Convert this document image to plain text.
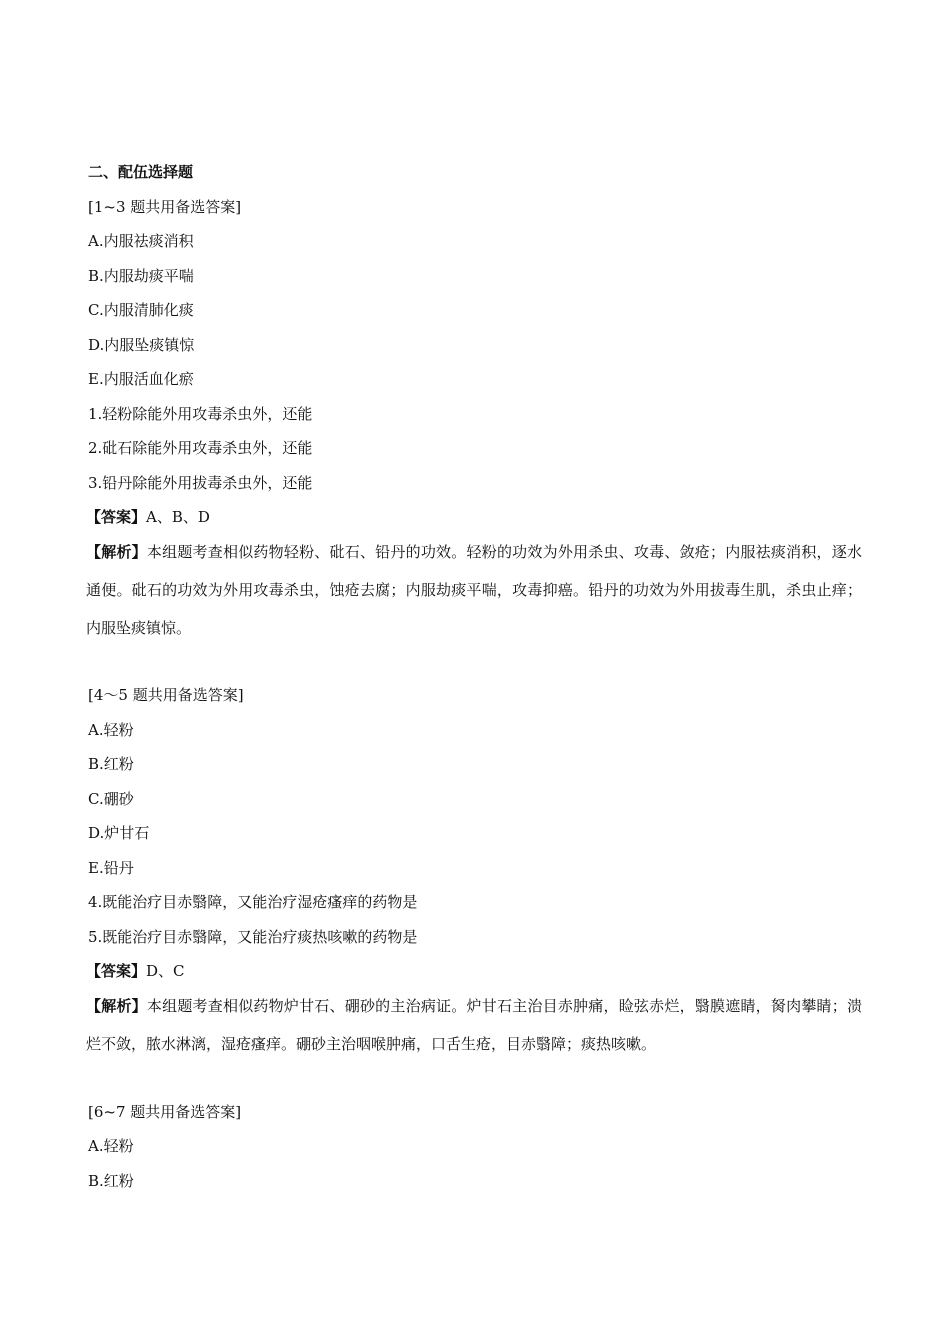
二、配伍选择题
[1~3 题共用备选答案]
A.内服祛痰消积
B.内服劫痰平喘
C.内服清肺化痰
D.内服坠痰镇惊
E.内服活血化瘀
1.轻粉除能外用攻毒杀虫外，还能
2.砒石除能外用攻毒杀虫外，还能
3.铅丹除能外用拔毒杀虫外，还能
【答案】A、B、D
【解析】本组题考查相似药物轻粉、砒石、铅丹的功效。轻粉的功效为外用杀虫、攻毒、敛疮；内服祛痰消积，逐水通便。砒石的功效为外用攻毒杀虫，蚀疮去腐；内服劫痰平喘，攻毒抑癌。铅丹的功效为外用拔毒生肌，杀虫止痒；内服坠痰镇惊。
[4～5 题共用备选答案]
A.轻粉
B.红粉
C.硼砂
D.炉甘石
E.铅丹
4.既能治疗目赤翳障，又能治疗湿疮瘙痒的药物是
5.既能治疗目赤翳障，又能治疗痰热咳嗽的药物是
【答案】D、C
【解析】本组题考查相似药物炉甘石、硼砂的主治病证。炉甘石主治目赤肿痛，睑弦赤烂，翳膜遮睛，胬肉攀睛；溃烂不敛，脓水淋漓，湿疮瘙痒。硼砂主治咽喉肿痛，口舌生疮，目赤翳障；痰热咳嗽。
[6~7 题共用备选答案]
A.轻粉
B.红粉
